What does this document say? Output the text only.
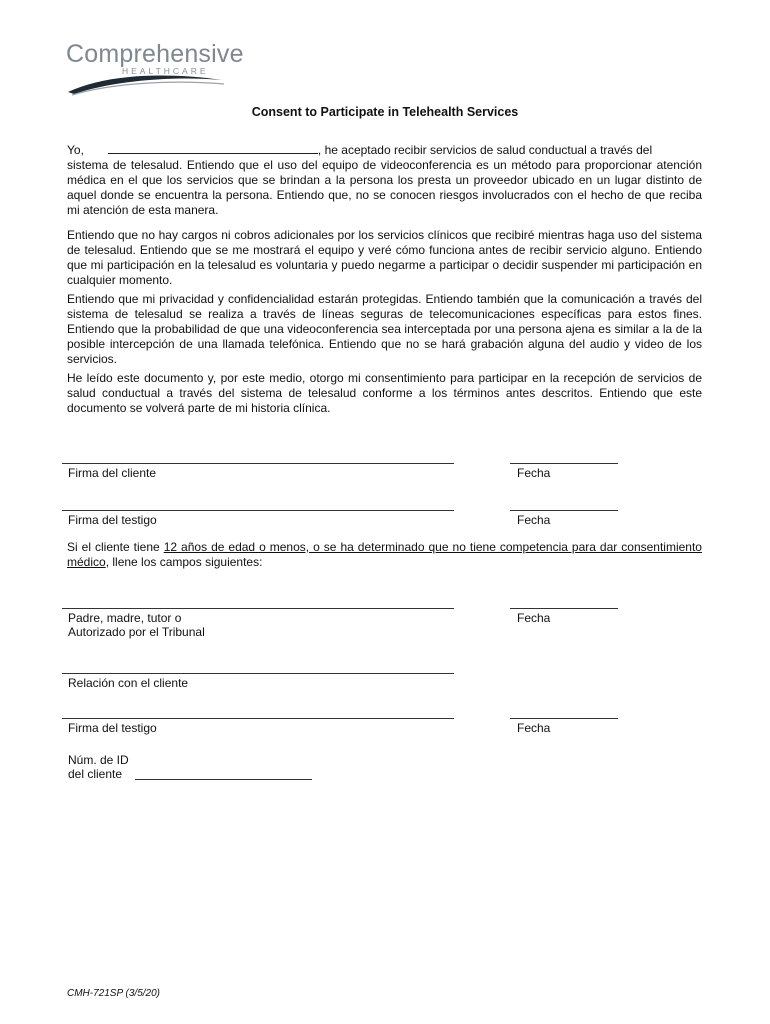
Comprehensive
HEALTHCARE
Consent to Participate in Telehealth Services
Yo,	, he aceptado recibir servicios de salud conductual a través del
sistema de telesalud. Entiendo que el uso del equipo de videoconferencia es un método para proporcionar atención médica en el que los servicios que se brindan a la persona los presta un proveedor ubicado en un lugar distinto de aquel donde se encuentra la persona. Entiendo que, no se conocen riesgos involucrados con el hecho de que reciba mi atención de esta manera.

Entiendo que no hay cargos ni cobros adicionales por los servicios clínicos que recibiré mientras haga uso del sistema de telesalud. Entiendo que se me mostrará el equipo y veré cómo funciona antes de recibir servicio alguno. Entiendo que mi participación en la telesalud es voluntaria y puedo negarme a participar o decidir suspender mi participación en cualquier momento.

Entiendo que mi privacidad y confidencialidad estarán protegidas. Entiendo también que la comunicación a través del sistema de telesalud se realiza a través de líneas seguras de telecomunicaciones específicas para estos fines. Entiendo que la probabilidad de que una videoconferencia sea interceptada por una persona ajena es similar a la de la posible intercepción de una llamada telefónica. Entiendo que no se hará grabación alguna del audio y video de los servicios.

He leído este documento y, por este medio, otorgo mi consentimiento para participar en la recepción de servicios de salud conductual a través del sistema de telesalud conforme a los términos antes descritos. Entiendo que este documento se volverá parte de mi historia clínica.

Firma del cliente	Fecha
Firma del testigo	Fecha
Si el cliente tiene 12 años de edad o menos, o se ha determinado que no tiene competencia para dar consentimiento médico, llene los campos siguientes:
Padre, madre, tutor o
Autorizado por el Tribunal
Fecha
Relación con el cliente
Firma del testigo	Fecha
Núm. de ID
del cliente
CMH-721SP (3/5/20)
